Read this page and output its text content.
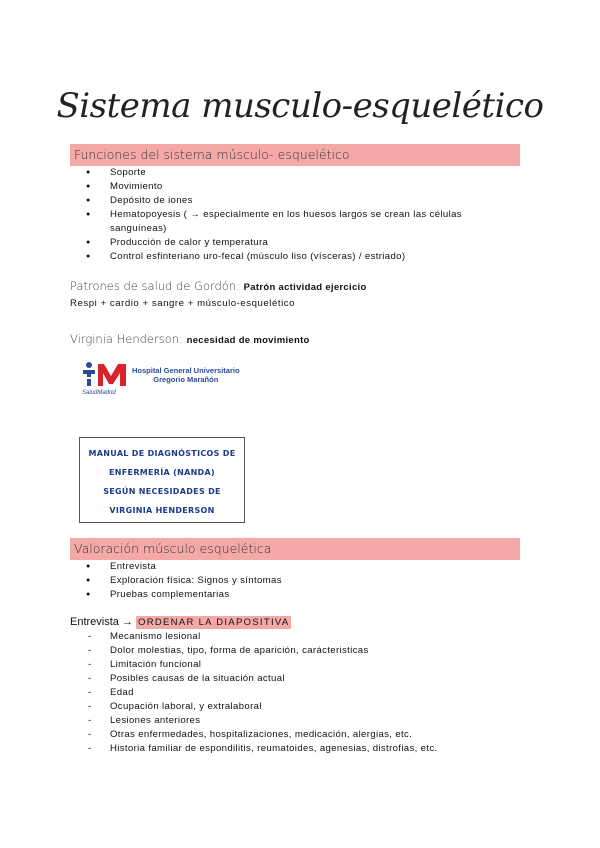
Sistema musculo-esquelético
Funciones del sistema músculo- esquelético
● Soporte
● Movimiento
● Depósito de iones
● Hematopoyesis ( → especialmente en los huesos largos se crean las células sanguíneas)
● Producción de calor y temperatura
● Control esfinteriano uro-fecal (músculo liso (vísceras) / estriado)
Patrones de salud de Gordón: Patrón actividad ejercicio
Respi + cardio + sangre + músculo-esquelético
Virginia Henderson: necesidad de movimiento
Hospital General Universitario
Gregorio Marañón
SaludMadrid
MANUAL DE DIAGNÓSTICOS DE
ENFERMERÍA (NANDA)
SEGÚN NECESIDADES DE
VIRGINIA HENDERSON
Valoración músculo esquelética
● Entrevista
● Exploración física: Signos y síntomas
● Pruebas complementarias
Entrevista → ORDENAR LA DIAPOSITIVA
- Mecanismo lesional
- Dolor molestias, tipo, forma de aparición, carácteristicas
- Limitación funcional
- Posibles causas de la situación actual
- Edad
- Ocupación laboral, y extralaboral
- Lesiones anteriores
- Otras enfermedades, hospitalizaciones, medicación, alergias, etc.
- Historia familiar de espondilitis, reumatoides, agenesias, distrofias, etc.
